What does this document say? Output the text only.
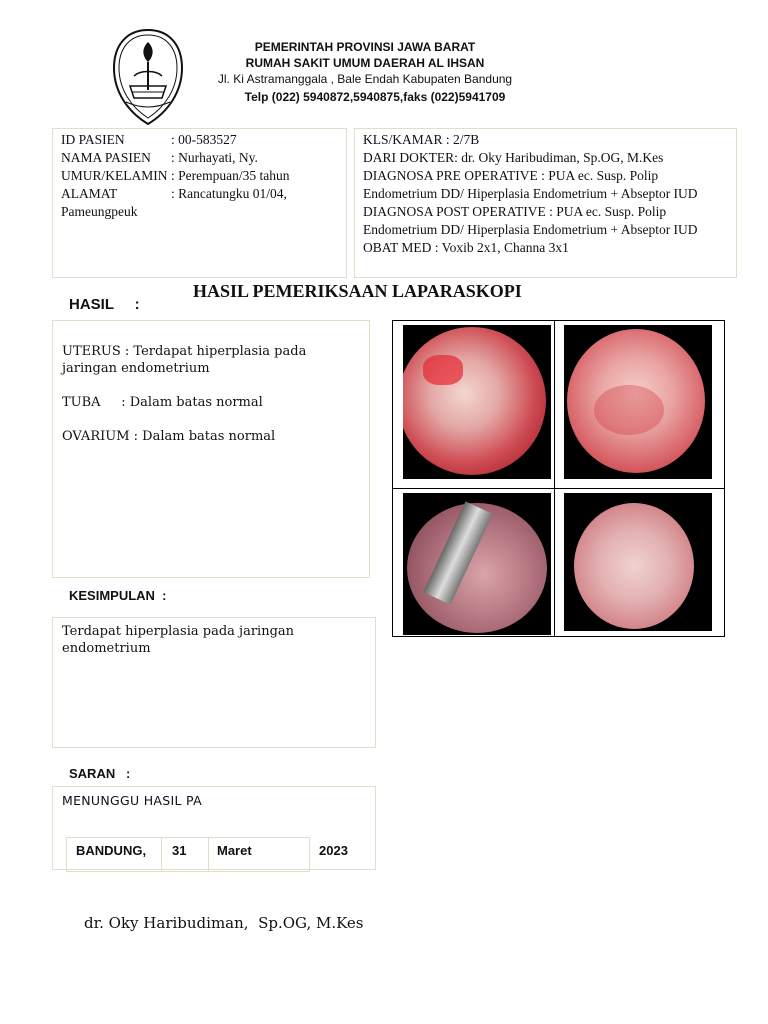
PEMERINTAH PROVINSI JAWA BARAT
RUMAH SAKIT UMUM DAERAH AL IHSAN
Jl. Ki Astramanggala , Bale Endah Kabupaten Bandung
Telp (022) 5940872,5940875,faks (022)5941709
ID PASIEN	: 00-583527
NAMA PASIEN	: Nurhayati, Ny.
UMUR/KELAMIN : Perempuan/35 tahun
ALAMAT	: Rancatungku 01/04,
Pameungpeuk
KLS/KAMAR : 2/7B
DARI DOKTER: dr. Oky Haribudiman, Sp.OG, M.Kes
DIAGNOSA PRE OPERATIVE : PUA ec. Susp. Polip
Endometrium DD/ Hiperplasia Endometrium + Abseptor IUD
DIAGNOSA POST OPERATIVE : PUA ec. Susp. Polip
Endometrium DD/ Hiperplasia Endometrium + Abseptor IUD
OBAT MED : Voxib 2x1, Channa 3x1
HASIL PEMERIKSAAN LAPARASKOPI
HASIL     :
UTERUS : Terdapat hiperplasia pada
jaringan endometrium
TUBA     : Dalam batas normal
OVARIUM : Dalam batas normal
KESIMPULAN  :
Terdapat hiperplasia pada jaringan
endometrium
SARAN   :
MENUNGGU HASIL PA
BANDUNG, 31 Maret	2023
dr. Oky Haribudiman,  Sp.OG, M.Kes
